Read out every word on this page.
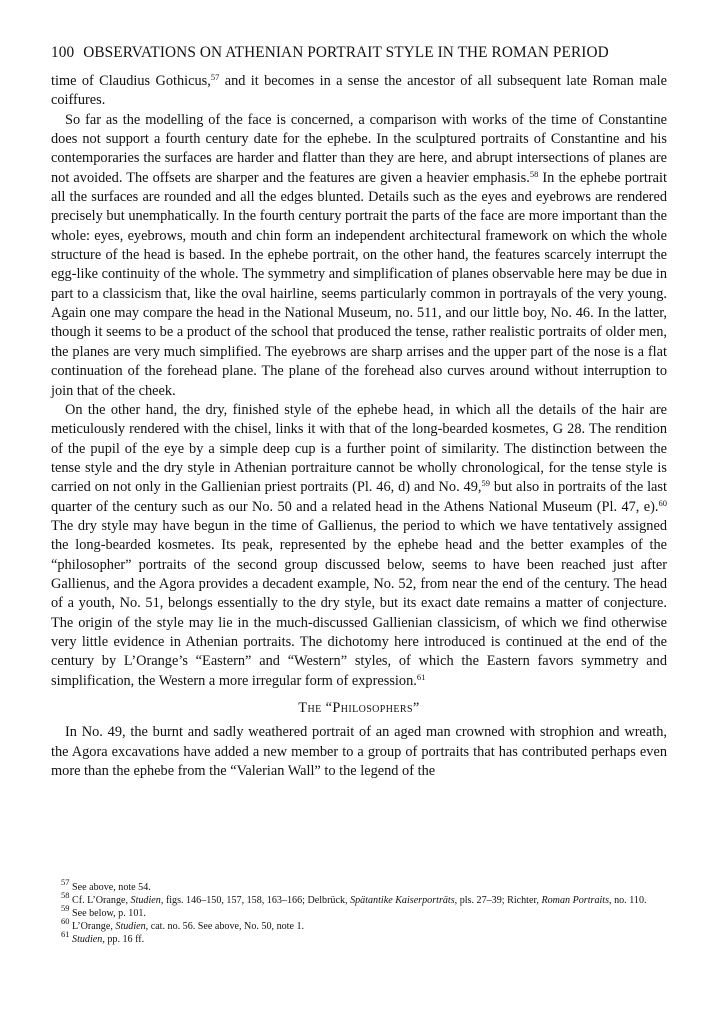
100 OBSERVATIONS ON ATHENIAN PORTRAIT STYLE IN THE ROMAN PERIOD

time of Claudius Gothicus,$^{57}$ and it becomes in a sense the ancestor of all subsequent late Roman male coiffures.

So far as the modelling of the face is concerned, a comparison with works of the time of Constantine does not support a fourth century date for the ephebe. In the sculptured portraits of Constantine and his contemporaries the surfaces are harder and flatter than they are here, and abrupt intersections of planes are not avoided. The offsets are sharper and the features are given a heavier emphasis.$^{58}$ In the ephebe portrait all the surfaces are rounded and all the edges blunted. Details such as the eyes and eyebrows are rendered precisely but unemphatically. In the fourth century portrait the parts of the face are more important than the whole: eyes, eyebrows, mouth and chin form an independent architectural framework on which the whole structure of the head is based. In the ephebe portrait, on the other hand, the features scarcely interrupt the egg-like continuity of the whole. The symmetry and simplification of planes observable here may be due in part to a classicism that, like the oval hairline, seems particularly common in portrayals of the very young. Again one may compare the head in the National Museum, no. 511, and our little boy, No. 46. In the latter, though it seems to be a product of the school that produced the tense, rather realistic portraits of older men, the planes are very much simplified. The eyebrows are sharp arrises and the upper part of the nose is a flat continuation of the forehead plane. The plane of the forehead also curves around without interruption to join that of the cheek.

On the other hand, the dry, finished style of the ephebe head, in which all the details of the hair are meticulously rendered with the chisel, links it with that of the long-bearded kosmetes, G 28. The rendition of the pupil of the eye by a simple deep cup is a further point of similarity. The distinction between the tense style and the dry style in Athenian portraiture cannot be wholly chronological, for the tense style is carried on not only in the Gallienian priest portraits (Pl. 46, d) and No. 49,59 but also in portraits of the last quarter of the century such as our No. 50 and a related head in the Athens National Museum (Pl. 47, e).$^{60}$ The dry style may have begun in the time of Gallienus, the period to which we have tentatively assigned the long-bearded kosmetes. Its peak, represented by the ephebe head and the better examples of the “philosopher” portraits of the second group discussed below, seems to have been reached just after Gallienus, and the Agora provides a decadent example, No. 52, from near the end of the century. The head of a youth, No. 51, belongs essentially to the dry style, but its exact date remains a matter of conjecture. The origin of the style may lie in the much-discussed Gallienian classicism, of which we find otherwise very little evidence in Athenian portraits. The dichotomy here introduced is continued at the end of the century by L’Orange’s “Eastern” and “Western” styles, of which the Eastern favors symmetry and simplification, the Western a more irregular form of expression.$^{61}$

The “Philosophers”

In No. 49, the burnt and sadly weathered portrait of an aged man crowned with strophion and wreath, the Agora excavations have added a new member to a group of portraits that has contributed perhaps even more than the ephebe from the “Valerian Wall” to the legend of the

$^{57}$ See above, note 54.

$^{58}$ Cf. L’Orange, Studien, figs. 146–150, 157, 158, 163–166; Delbrück, Spätantike Kaiserporträts, pls. 27–39; Richter, Roman Portraits, no. 110.

$^{59}$ See below, p. 101.

$^{60}$ L’Orange, Studien, cat. no. 56. See above, No. 50, note 1.

$^{61}$ Studien, pp. 16 ff.
